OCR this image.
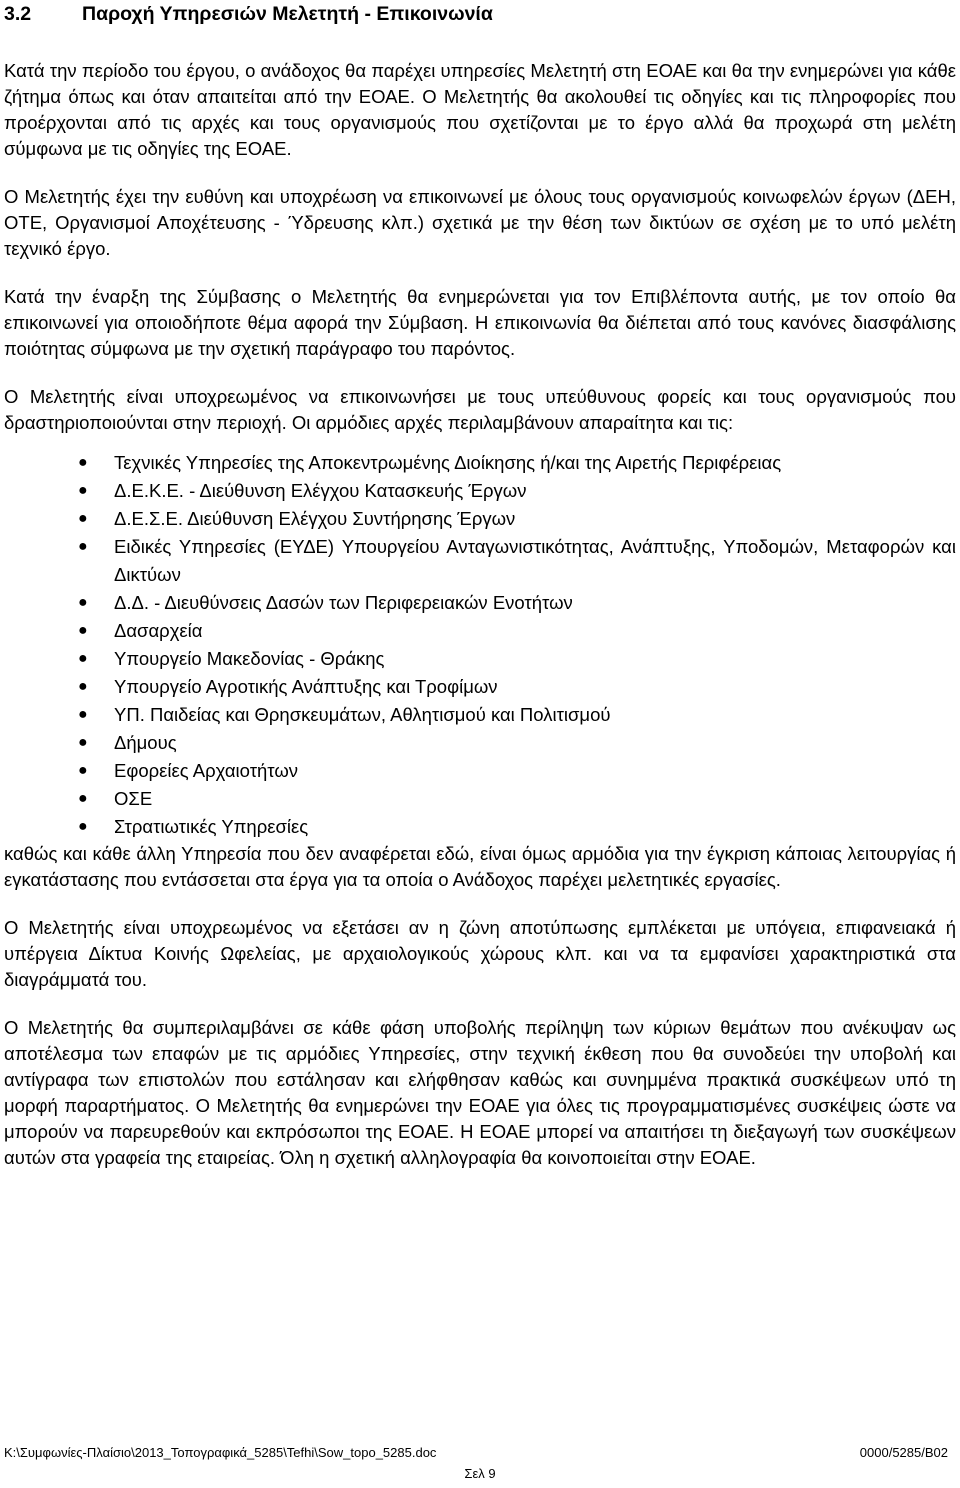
3.2	Παροχή Υπηρεσιών Μελετητή - Επικοινωνία

Κατά την περίοδο του έργου, ο ανάδοχος θα παρέχει υπηρεσίες Μελετητή στη ΕΟΑΕ και θα την ενημερώνει για κάθε ζήτημα όπως και όταν απαιτείται από την ΕΟΑΕ. Ο Μελετητής θα ακολουθεί τις οδηγίες και τις πληροφορίες που προέρχονται από τις αρχές και τους οργανισμούς που σχετίζονται με το έργο αλλά θα προχωρά στη μελέτη σύμφωνα με τις οδηγίες της ΕΟΑΕ.

Ο Μελετητής έχει την ευθύνη και υποχρέωση να επικοινωνεί με όλους τους οργανισμούς κοινωφελών έργων (ΔΕΗ, ΟΤΕ, Οργανισμοί Αποχέτευσης - Ύδρευσης κλπ.) σχετικά με την θέση των δικτύων σε σχέση με το υπό μελέτη τεχνικό έργο.

Κατά την έναρξη της Σύμβασης ο Μελετητής θα ενημερώνεται για τον Επιβλέποντα αυτής, με τον οποίο θα επικοινωνεί για οποιοδήποτε θέμα αφορά την Σύμβαση. Η επικοινωνία θα διέπεται από τους κανόνες διασφάλισης ποιότητας σύμφωνα με την σχετική παράγραφο του παρόντος.

Ο Μελετητής είναι υποχρεωμένος να επικοινωνήσει με τους υπεύθυνους φορείς και τους οργανισμούς που δραστηριοποιούνται στην περιοχή. Οι αρμόδιες αρχές περιλαμβάνουν απαραίτητα και τις:

●	Τεχνικές Υπηρεσίες της Αποκεντρωμένης Διοίκησης ή/και της Αιρετής Περιφέρειας
●	Δ.Ε.Κ.Ε. - Διεύθυνση Ελέγχου Κατασκευής Έργων
●	Δ.Ε.Σ.Ε. Διεύθυνση Ελέγχου Συντήρησης Έργων
●	Ειδικές Υπηρεσίες (ΕΥΔΕ) Υπουργείου Ανταγωνιστικότητας, Ανάπτυξης, Υποδομών, Μεταφορών και Δικτύων
●	Δ.Δ. - Διευθύνσεις Δασών των Περιφερειακών Ενοτήτων
●	Δασαρχεία
●	Υπουργείο Μακεδονίας - Θράκης
●	Υπουργείο Αγροτικής Ανάπτυξης και Τροφίμων
●	ΥΠ. Παιδείας και Θρησκευμάτων, Αθλητισμού και Πολιτισμού
●	Δήμους
●	Εφορείες Αρχαιοτήτων
●	ΟΣΕ
●	Στρατιωτικές Υπηρεσίες

καθώς και κάθε άλλη Υπηρεσία που δεν αναφέρεται εδώ, είναι όμως αρμόδια για την έγκριση κάποιας λειτουργίας ή εγκατάστασης που εντάσσεται στα έργα για τα οποία ο Ανάδοχος παρέχει μελετητικές εργασίες.

Ο Μελετητής είναι υποχρεωμένος να εξετάσει αν η ζώνη αποτύπωσης εμπλέκεται με υπόγεια, επιφανειακά ή υπέργεια Δίκτυα Κοινής Ωφελείας, με αρχαιολογικούς χώρους κλπ. και να τα εμφανίσει χαρακτηριστικά στα διαγράμματά του.

Ο Μελετητής θα συμπεριλαμβάνει σε κάθε φάση υποβολής περίληψη των κύριων θεμάτων που ανέκυψαν ως αποτέλεσμα των επαφών με τις αρμόδιες Υπηρεσίες, στην τεχνική έκθεση που θα συνοδεύει την υποβολή και αντίγραφα των επιστολών που εστάλησαν και ελήφθησαν καθώς και συνημμένα πρακτικά συσκέψεων υπό τη μορφή παραρτήματος. Ο Μελετητής θα ενημερώνει την ΕΟΑΕ για όλες τις προγραμματισμένες συσκέψεις ώστε να μπορούν να παρευρεθούν και εκπρόσωποι της ΕΟΑΕ. Η ΕΟΑΕ μπορεί να απαιτήσει τη διεξαγωγή των συσκέψεων αυτών στα γραφεία της εταιρείας. Όλη η σχετική αλληλογραφία θα κοινοποιείται στην ΕΟΑΕ.

K:\Συμφωνίες-Πλαίσιο\2013_Τοπογραφικά_5285\Tefhi\Sow_topo_5285.doc	0000/5285/B02
Σελ 9
